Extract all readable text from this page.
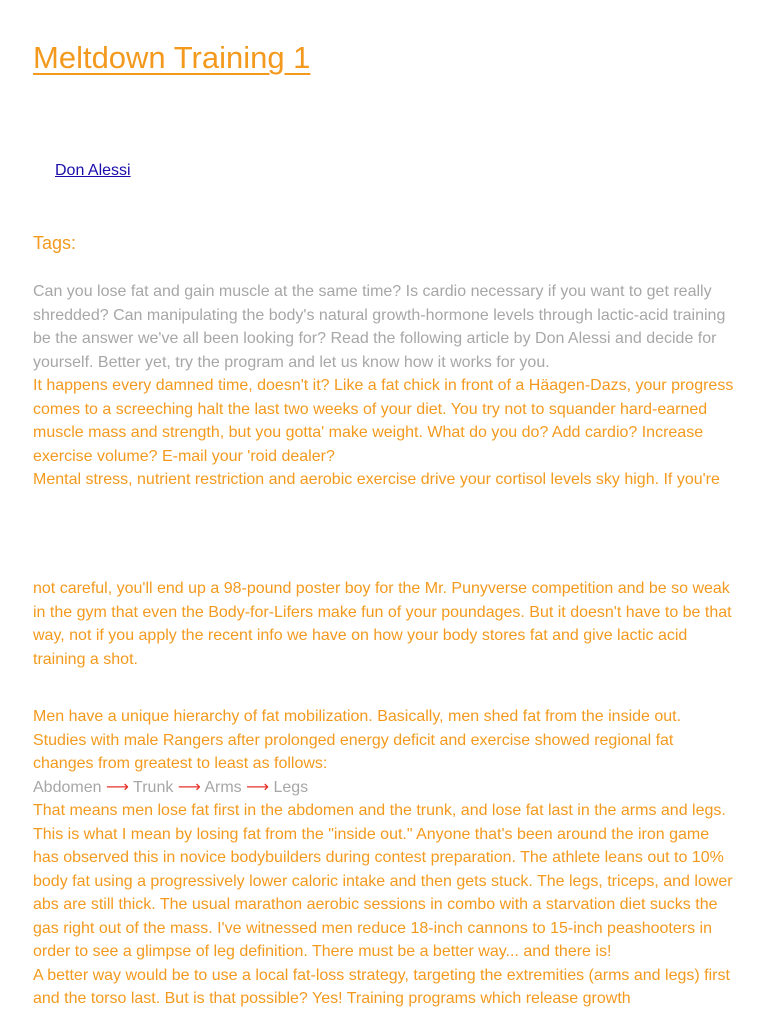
Meltdown Training 1
Don Alessi
Tags:

Can you lose fat and gain muscle at the same time? Is cardio necessary if you want to get really shredded? Can manipulating the body's natural growth-hormone levels through lactic-acid training be the answer we've all been looking for? Read the following article by Don Alessi and decide for yourself. Better yet, try the program and let us know how it works for you.

It happens every damned time, doesn't it? Like a fat chick in front of a Häagen-Dazs, your progress comes to a screeching halt the last two weeks of your diet. You try not to squander hard-earned muscle mass and strength, but you gotta' make weight. What do you do? Add cardio? Increase exercise volume? E-mail your 'roid dealer?

Mental stress, nutrient restriction and aerobic exercise drive your cortisol levels sky high. If you're

not careful, you'll end up a 98-pound poster boy for the Mr. Punyverse competition and be so weak in the gym that even the Body-for-Lifers make fun of your poundages. But it doesn't have to be that way, not if you apply the recent info we have on how your body stores fat and give lactic acid training a shot.

Men have a unique hierarchy of fat mobilization. Basically, men shed fat from the inside out. Studies with male Rangers after prolonged energy deficit and exercise showed regional fat changes from greatest to least as follows:

Abdomen ⟶ Trunk ⟶ Arms ⟶ Legs

That means men lose fat first in the abdomen and the trunk, and lose fat last in the arms and legs. This is what I mean by losing fat from the "inside out." Anyone that's been around the iron game has observed this in novice bodybuilders during contest preparation. The athlete leans out to 10% body fat using a progressively lower caloric intake and then gets stuck. The legs, triceps, and lower abs are still thick. The usual marathon aerobic sessions in combo with a starvation diet sucks the gas right out of the mass. I've witnessed men reduce 18-inch cannons to 15-inch peashooters in order to see a glimpse of leg definition. There must be a better way... and there is!

A better way would be to use a local fat-loss strategy, targeting the extremities (arms and legs) first and the torso last. But is that possible? Yes! Training programs which release growth
